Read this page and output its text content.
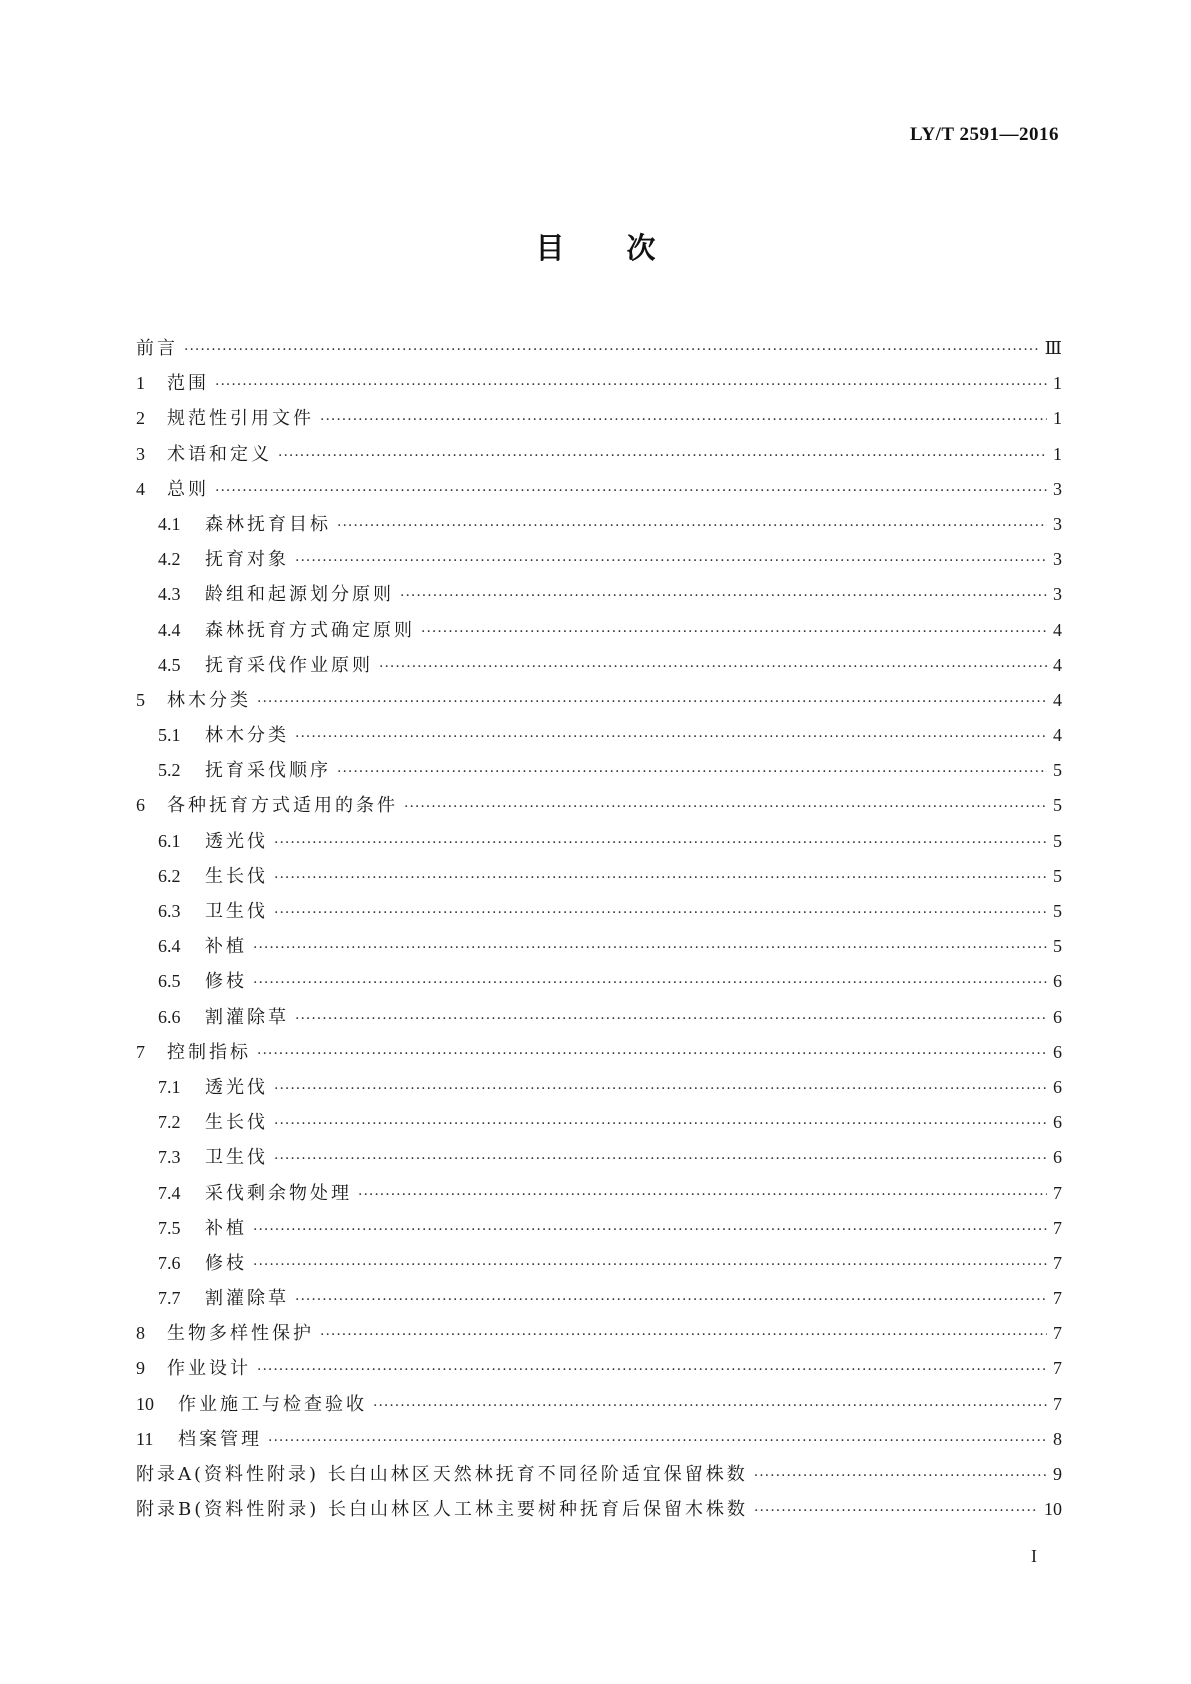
LY/T 2591—2016
目次
前言 ·····	Ⅲ
1	范围 ·····	1
2	规范性引用文件 ·····	1
3	术语和定义 ·····	1
4	总则 ·····	3
4.1	森林抚育目标 ·····	3
4.2	抚育对象 ·····	3
4.3	龄组和起源划分原则 ·····	3
4.4	森林抚育方式确定原则 ·····	4
4.5	抚育采伐作业原则 ·····	4
5	林木分类 ·····	4
5.1	林木分类 ·····	4
5.2	抚育采伐顺序 ·····	5
6	各种抚育方式适用的条件 ·····	5
6.1	透光伐 ·····	5
6.2	生长伐 ·····	5
6.3	卫生伐 ·····	5
6.4	补植 ·····	5
6.5	修枝 ·····	6
6.6	割灌除草 ·····	6
7	控制指标 ·····	6
7.1	透光伐 ·····	6
7.2	生长伐 ·····	6
7.3	卫生伐 ·····	6
7.4	采伐剩余物处理 ·····	7
7.5	补植 ·····	7
7.6	修枝 ·····	7
7.7	割灌除草 ·····	7
8	生物多样性保护 ·····	7
9	作业设计 ·····	7
10	作业施工与检查验收 ·····	7
11	档案管理 ·····	8
附录A(资料性附录) 长白山林区天然林抚育不同径阶适宜保留株数 ·····	9
附录B(资料性附录) 长白山林区人工林主要树种抚育后保留木株数 ·····	10
I
